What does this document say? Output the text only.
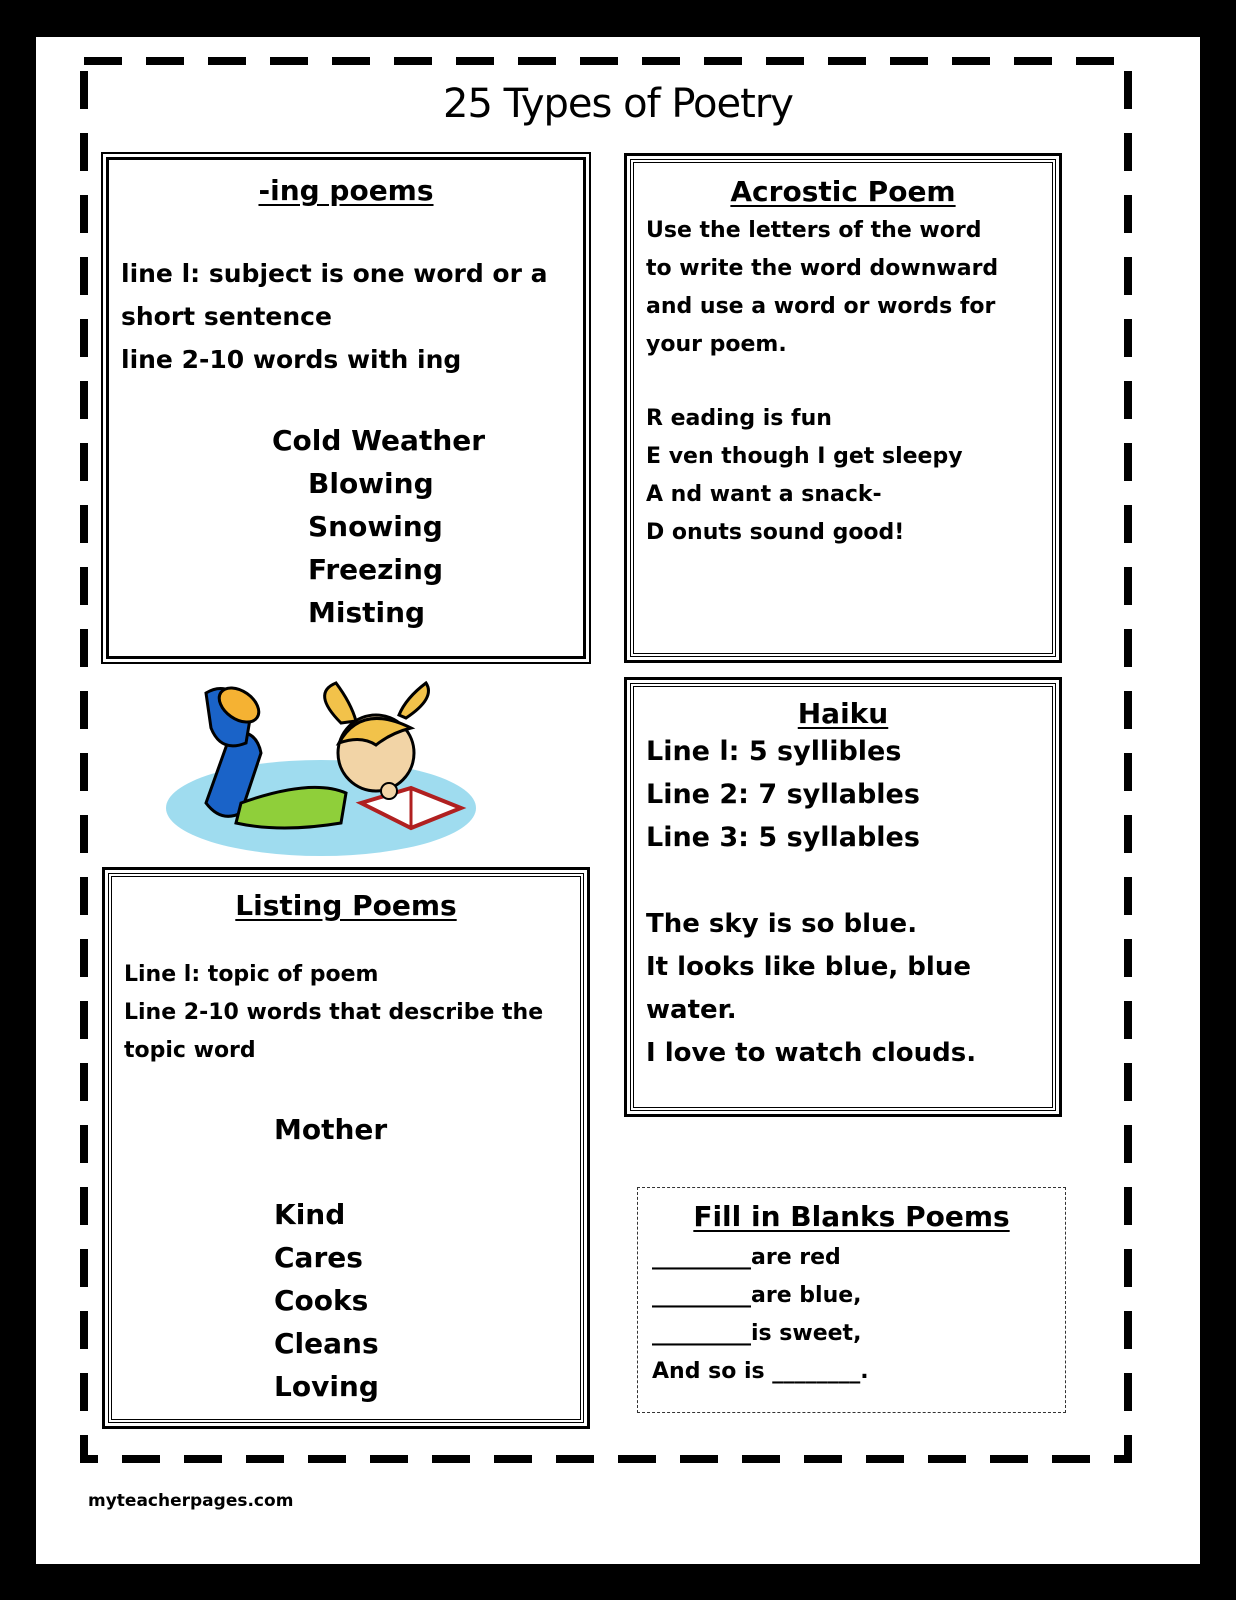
25 Types of Poetry
-ing poems
line l: subject is one word or a
short sentence
line 2-10 words with ing
Cold Weather
Blowing
Snowing
Freezing
Misting
Acrostic Poem
Use the letters of the word
to write the word downward
and use a word or words for
your poem.
R eading is fun
E ven though I get sleepy
A nd want a snack-
D onuts sound good!
Haiku
Line l: 5 syllibles
Line 2: 7 syllables
Line 3: 5 syllables
The sky is so blue.
It looks like blue, blue
water.
I love to watch clouds.
Listing Poems
Line l: topic of poem
Line 2-10 words that describe the
topic word
Mother
Kind
Cares
Cooks
Cleans
Loving
Fill in Blanks Poems
_________are red
_________are blue,
_________is sweet,
And so is ________.
myteacherpages.com
